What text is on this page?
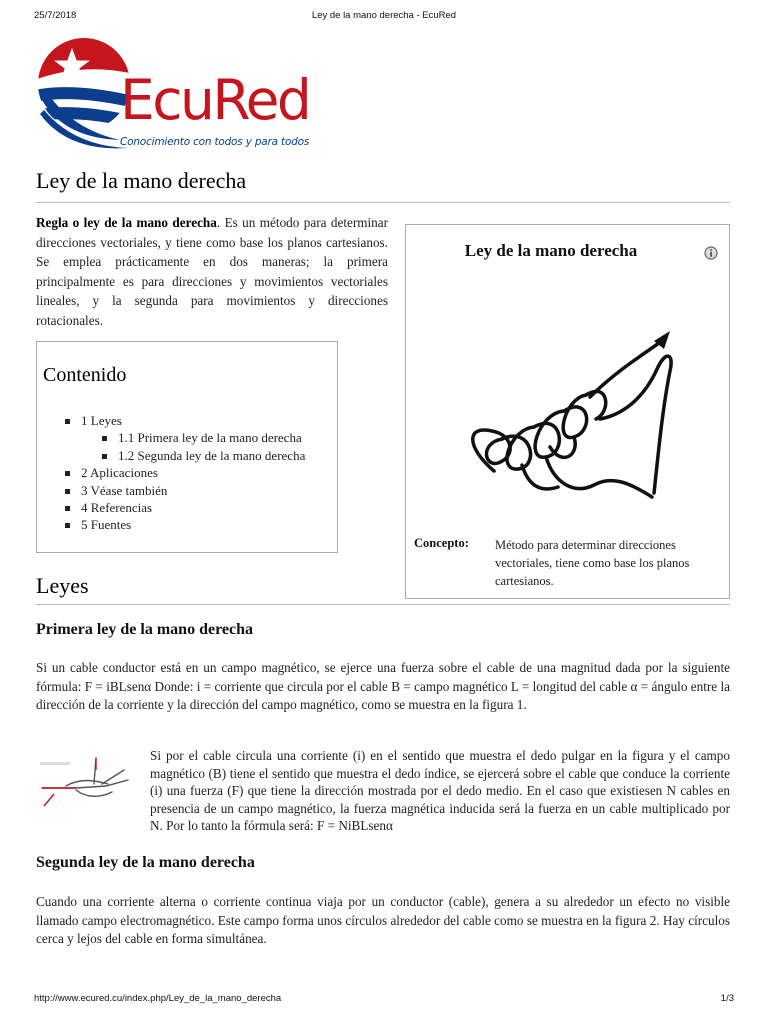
25/7/2018	Ley de la mano derecha - EcuRed
EcuRed
Conocimiento con todos y para todos
Ley de la mano derecha

Regla o ley de la mano derecha. Es un método para determinar direcciones vectoriales, y tiene como base los planos cartesianos. Se emplea prácticamente en dos maneras; la primera principalmente es para direcciones y movimientos vectoriales lineales, y la segunda para movimientos y direcciones rotacionales.

Contenido
1 Leyes
1.1 Primera ley de la mano derecha
1.2 Segunda ley de la mano derecha
2 Aplicaciones
3 Véase también
4 Referencias
5 Fuentes
Ley de la mano derecha
Concepto: Método para determinar direcciones vectoriales, tiene como base los planos cartesianos.
Leyes
Primera ley de la mano derecha

Si un cable conductor está en un campo magnético, se ejerce una fuerza sobre el cable de una magnitud dada por la siguiente fórmula: F = iBLsenα Donde: i = corriente que circula por el cable B = campo magnético L = longitud del cable α = ángulo entre la dirección de la corriente y la dirección del campo magnético, como se muestra en la figura 1.

Si por el cable circula una corriente (i) en el sentido que muestra el dedo pulgar en la figura y el campo magnético (B) tiene el sentido que muestra el dedo índice, se ejercerá sobre el cable que conduce la corriente (i) una fuerza (F) que tiene la dirección mostrada por el dedo medio. En el caso que existiesen N cables en presencia de un campo magnético, la fuerza magnética inducida será la fuerza en un cable multiplicado por N. Por lo tanto la fórmula será: F = NiBLsenα

Segunda ley de la mano derecha

Cuando una corriente alterna o corriente continua viaja por un conductor (cable), genera a su alrededor un efecto no visible llamado campo electromagnético. Este campo forma unos círculos alrededor del cable como se muestra en la figura 2. Hay círculos cerca y lejos del cable en forma simultánea.

http://www.ecured.cu/index.php/Ley_de_la_mano_derecha	1/3
